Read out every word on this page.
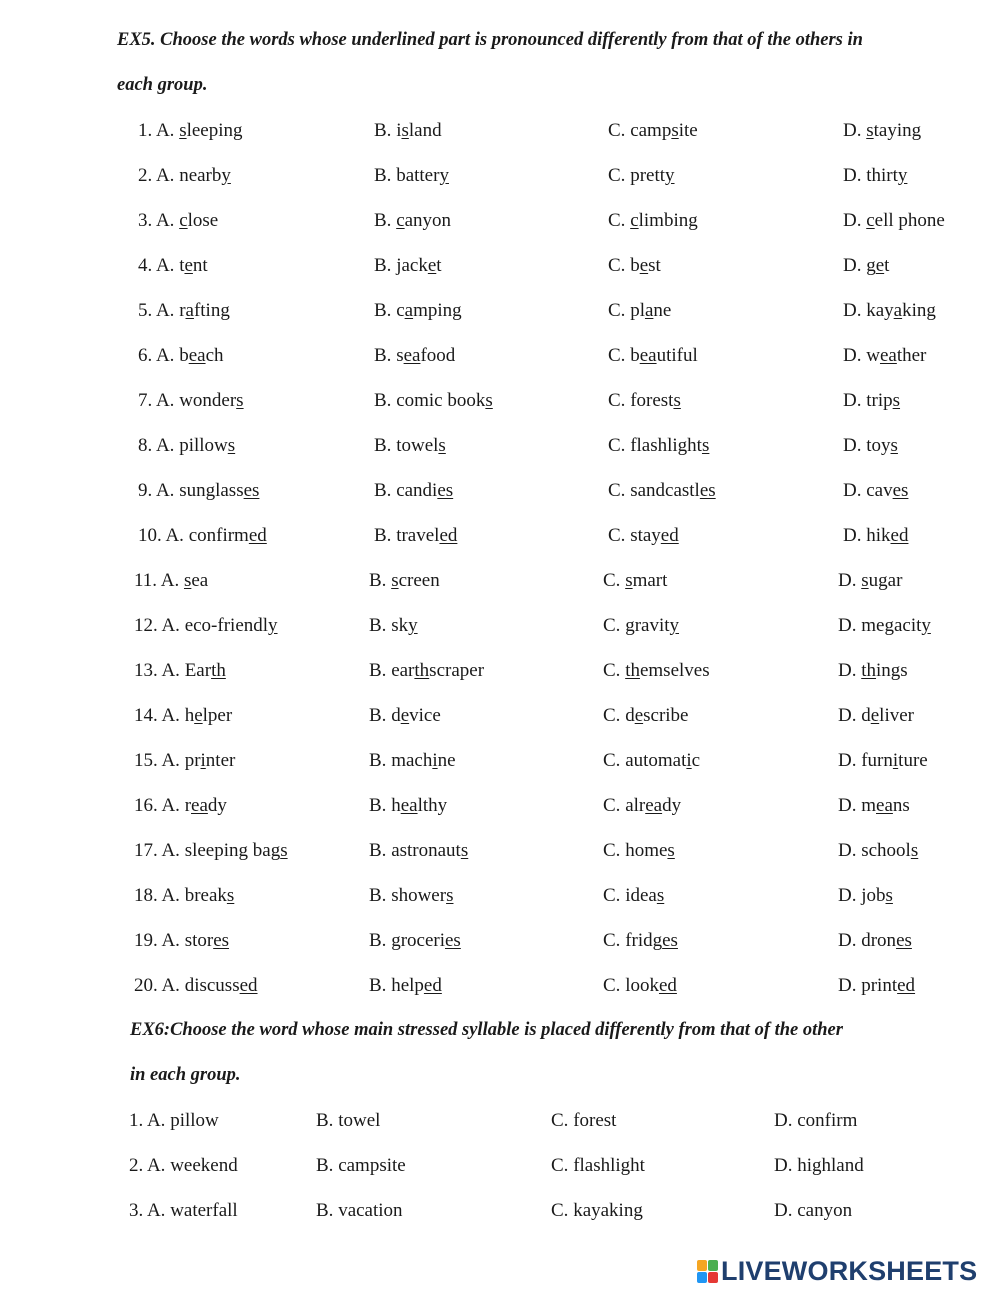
EX5. Choose the words whose underlined part is pronounced differently from that of the others in

each group.

1. A. sleeping	B. island	C. campsite	D. staying
2. A. nearby	B. battery	C. pretty	D. thirty
3. A. close	B. canyon	C. climbing	D. cell phone
4. A. tent	B. jacket	C. best	D. get
5. A. rafting	B. camping	C. plane	D. kayaking
6. A. beach	B. seafood	C. beautiful	D. weather
7. A. wonders	B. comic books	C. forests	D. trips
8. A. pillows	B. towels	C. flashlights	D. toys
9. A. sunglasses	B. candies	C. sandcastles	D. caves
10. A. confirmed	B. traveled	C. stayed	D. hiked
11. A. sea	B. screen	C. smart	D. sugar
12. A. eco-friendly	B. sky	C. gravity	D. megacity
13. A. Earth	B. earthscraper	C. themselves	D. things
14. A. helper	B. device	C. describe	D. deliver
15. A. printer	B. machine	C. automatic	D. furniture
16. A. ready	B. healthy	C. already	D. means
17. A. sleeping bags	B. astronauts	C. homes	D. schools
18. A. breaks	B. showers	C. ideas	D. jobs
19. A. stores	B. groceries	C. fridges	D. drones
20. A. discussed	B. helped	C. looked	D. printed

EX6:Choose the word whose main stressed syllable is placed differently from that of the other

in each group.

1. A. pillow	B. towel	C. forest	D. confirm
2. A. weekend	B. campsite	C. flashlight	D. highland
3. A. waterfall	B. vacation	C. kayaking	D. canyon
LIVEWORKSHEETS
